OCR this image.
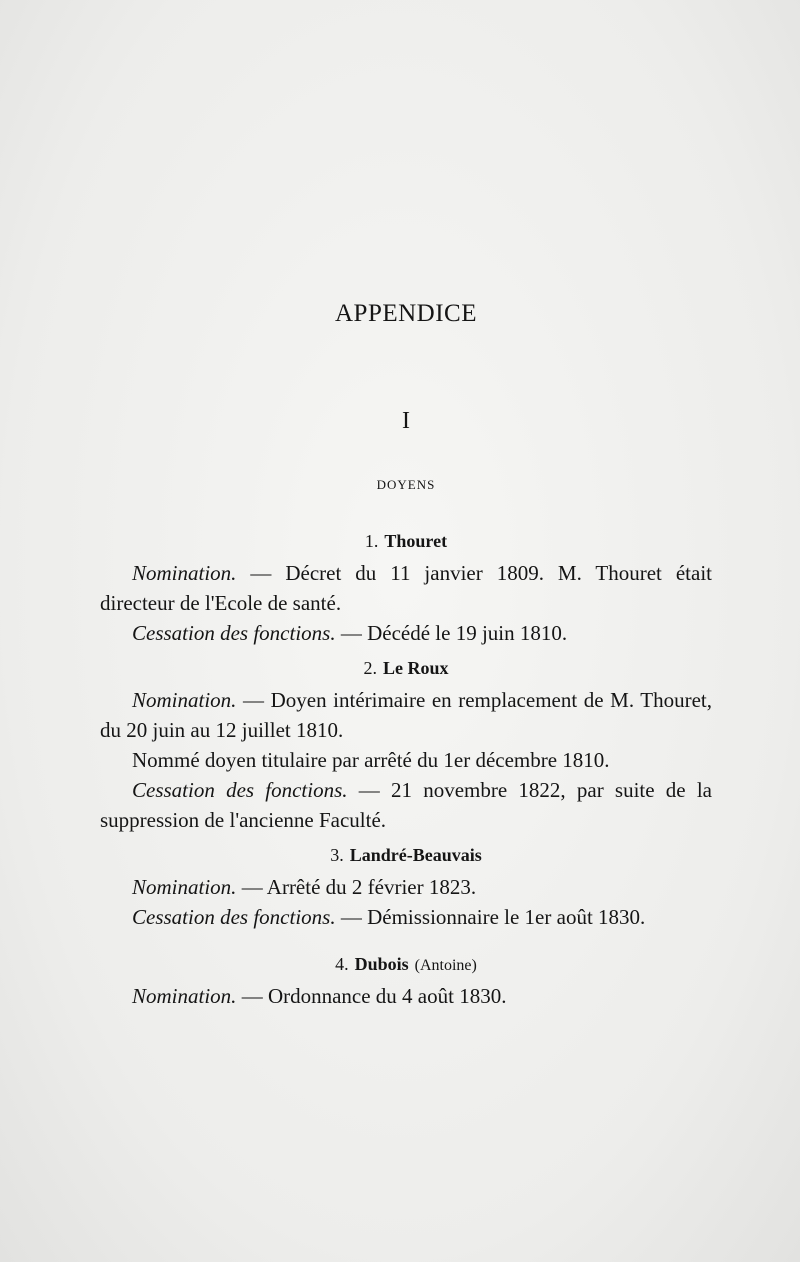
APPENDICE
I
DOYENS
1. Thouret

Nomination. — Décret du 11 janvier 1809. M. Thouret était directeur de l'Ecole de santé.

Cessation des fonctions. — Décédé le 19 juin 1810.

2. Le Roux

Nomination. — Doyen intérimaire en remplacement de M. Thouret, du 20 juin au 12 juillet 1810.

Nommé doyen titulaire par arrêté du 1er décembre 1810.

Cessation des fonctions. — 21 novembre 1822, par suite de la suppression de l'ancienne Faculté.

3. Landré-Beauvais

Nomination. — Arrêté du 2 février 1823.

Cessation des fonctions. — Démissionnaire le 1er août 1830.

4. Dubois (Antoine)

Nomination. — Ordonnance du 4 août 1830.
